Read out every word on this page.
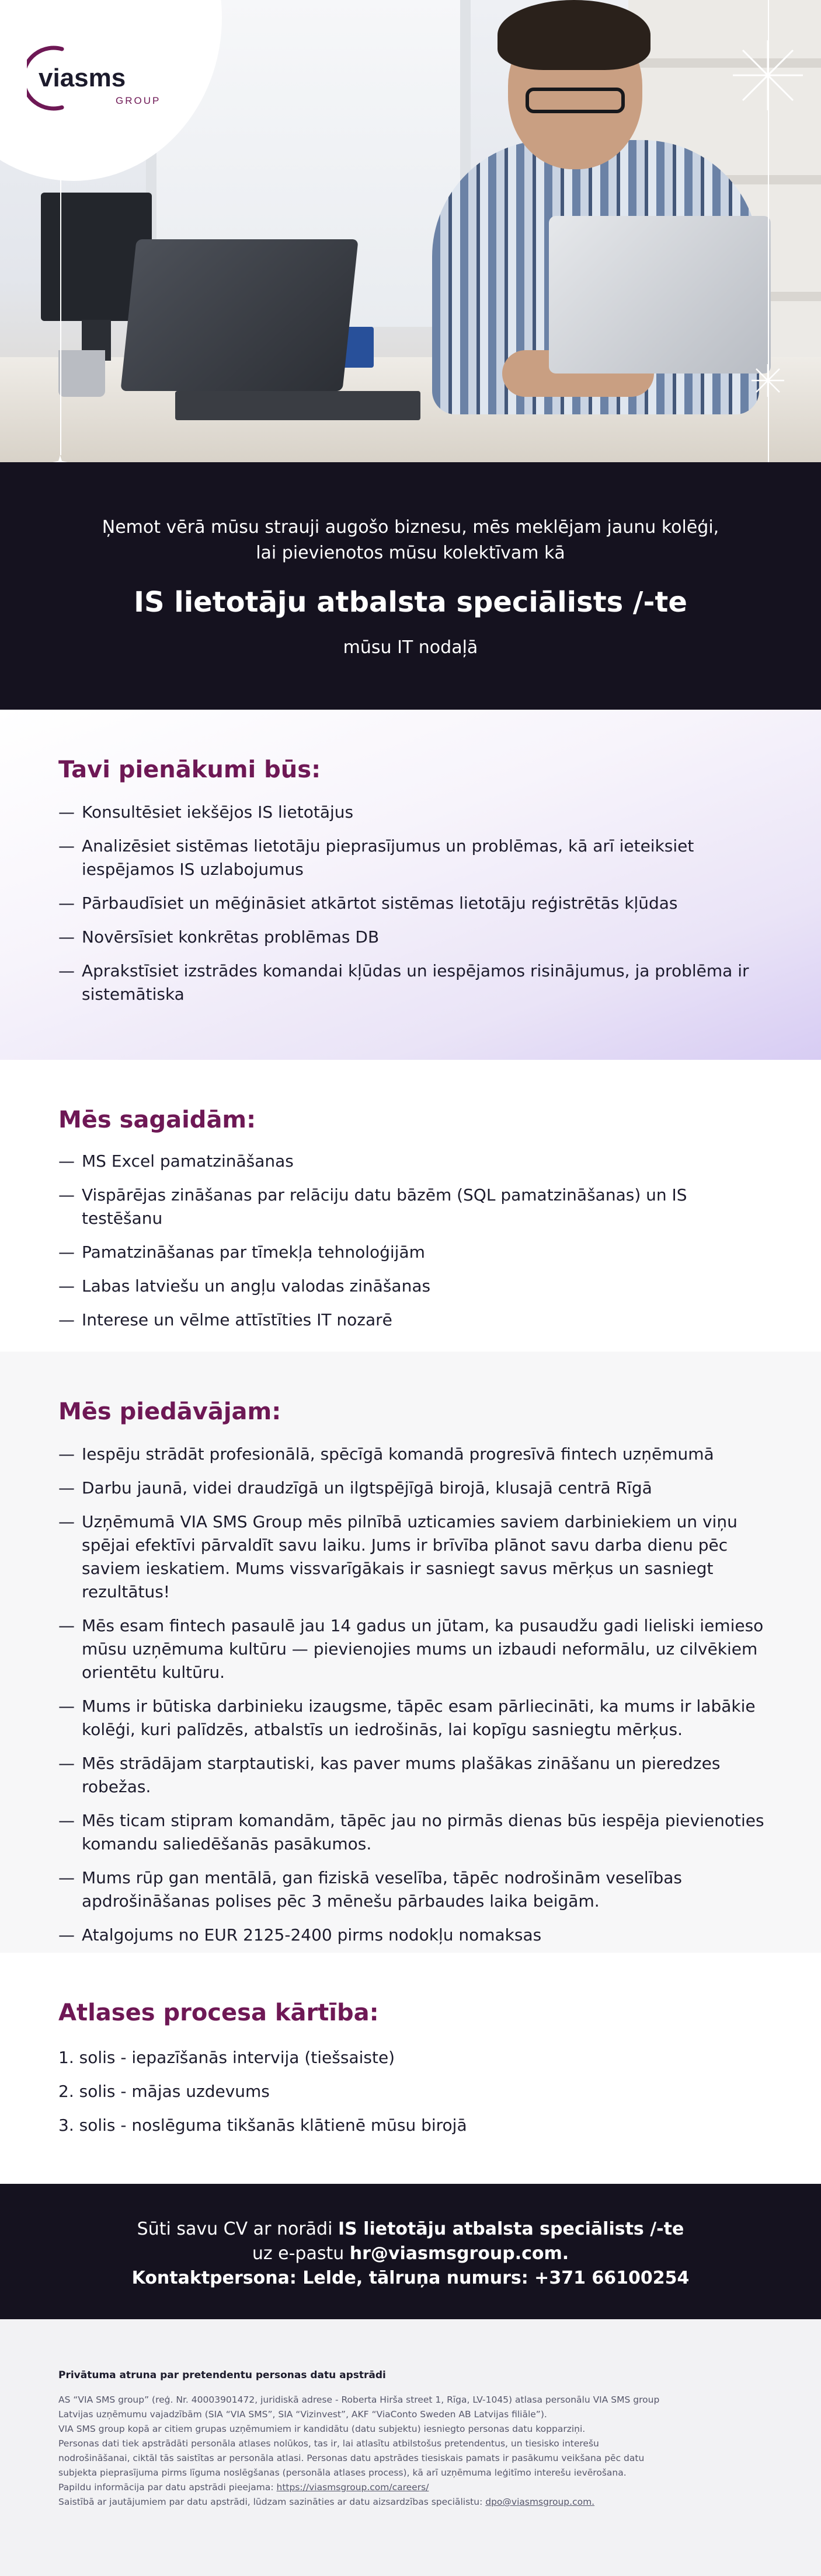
viasms
GROUP
Ņemot vērā mūsu strauji augošo biznesu, mēs meklējam jaunu kolēģi,
lai pievienotos mūsu kolektīvam kā
IS lietotāju atbalsta speciālists /-te
mūsu IT nodaļā
Tavi pienākumi būs:
— Konsultēsiet iekšējos IS lietotājus
— Analizēsiet sistēmas lietotāju pieprasījumus un problēmas, kā arī ieteiksiet iespējamos IS uzlabojumus
— Pārbaudīsiet un mēģināsiet atkārtot sistēmas lietotāju reģistrētās kļūdas
— Novērsīsiet konkrētas problēmas DB
— Aprakstīsiet izstrādes komandai kļūdas un iespējamos risinājumus, ja problēma ir sistemātiska
Mēs sagaidām:
— MS Excel pamatzināšanas
— Vispārējas zināšanas par relāciju datu bāzēm (SQL pamatzināšanas) un IS testēšanu
— Pamatzināšanas par tīmekļa tehnoloģijām
— Labas latviešu un angļu valodas zināšanas
— Interese un vēlme attīstīties IT nozarē
Mēs piedāvājam:
— Iespēju strādāt profesionālā, spēcīgā komandā progresīvā fintech uzņēmumā
— Darbu jaunā, videi draudzīgā un ilgtspējīgā birojā, klusajā centrā Rīgā
— Uzņēmumā VIA SMS Group mēs pilnībā uzticamies saviem darbiniekiem un viņu spējai efektīvi pārvaldīt savu laiku. Jums ir brīvība plānot savu darba dienu pēc saviem ieskatiem. Mums vissvarīgākais ir sasniegt savus mērķus un sasniegt rezultātus!
— Mēs esam fintech pasaulē jau 14 gadus un jūtam, ka pusaudžu gadi lieliski iemieso mūsu uzņēmuma kultūru — pievienojies mums un izbaudi neformālu, uz cilvēkiem orientētu kultūru.
— Mums ir būtiska darbinieku izaugsme, tāpēc esam pārliecināti, ka mums ir labākie kolēģi, kuri palīdzēs, atbalstīs un iedrošinās, lai kopīgu sasniegtu mērķus.
— Mēs strādājam starptautiski, kas paver mums plašākas zināšanu un pieredzes robežas.
— Mēs ticam stipram komandām, tāpēc jau no pirmās dienas būs iespēja pievienoties komandu saliedēšanās pasākumos.
— Mums rūp gan mentālā, gan fiziskā veselība, tāpēc nodrošinām veselības apdrošināšanas polises pēc 3 mēnešu pārbaudes laika beigām.
— Atalgojums no EUR 2125-2400 pirms nodokļu nomaksas
Atlases procesa kārtība:
1. solis - iepazīšanās intervija (tiešsaiste)
2. solis - mājas uzdevums
3. solis - noslēguma tikšanās klātienē mūsu birojā
Sūti savu CV ar norādi IS lietotāju atbalsta speciālists /-te
uz e-pastu hr@viasmsgroup.com.
Kontaktpersona: Lelde, tālruņa numurs: +371 66100254
Privātuma atruna par pretendentu personas datu apstrādi
AS “VIA SMS group” (reģ. Nr. 40003901472, juridiskā adrese - Roberta Hirša street 1, Rīga, LV-1045) atlasa personālu VIA SMS group
Latvijas uzņēmumu vajadzībām (SIA “VIA SMS”, SIA “Vizinvest”, AKF “ViaConto Sweden AB Latvijas filiāle”).
VIA SMS group kopā ar citiem grupas uzņēmumiem ir kandidātu (datu subjektu) iesniegto personas datu kopparziņi.
Personas dati tiek apstrādāti personāla atlases nolūkos, tas ir, lai atlasītu atbilstošus pretendentus, un tiesisko interešu
nodrošināšanai, ciktāl tās saistītas ar personāla atlasi. Personas datu apstrādes tiesiskais pamats ir pasākumu veikšana pēc datu
subjekta pieprasījuma pirms līguma noslēgšanas (personāla atlases process), kā arī uzņēmuma leģitīmo interešu ievērošana.
Papildu informācija par datu apstrādi pieejama: https://viasmsgroup.com/careers/
Saistībā ar jautājumiem par datu apstrādi, lūdzam sazināties ar datu aizsardzības speciālistu: dpo@viasmsgroup.com.
